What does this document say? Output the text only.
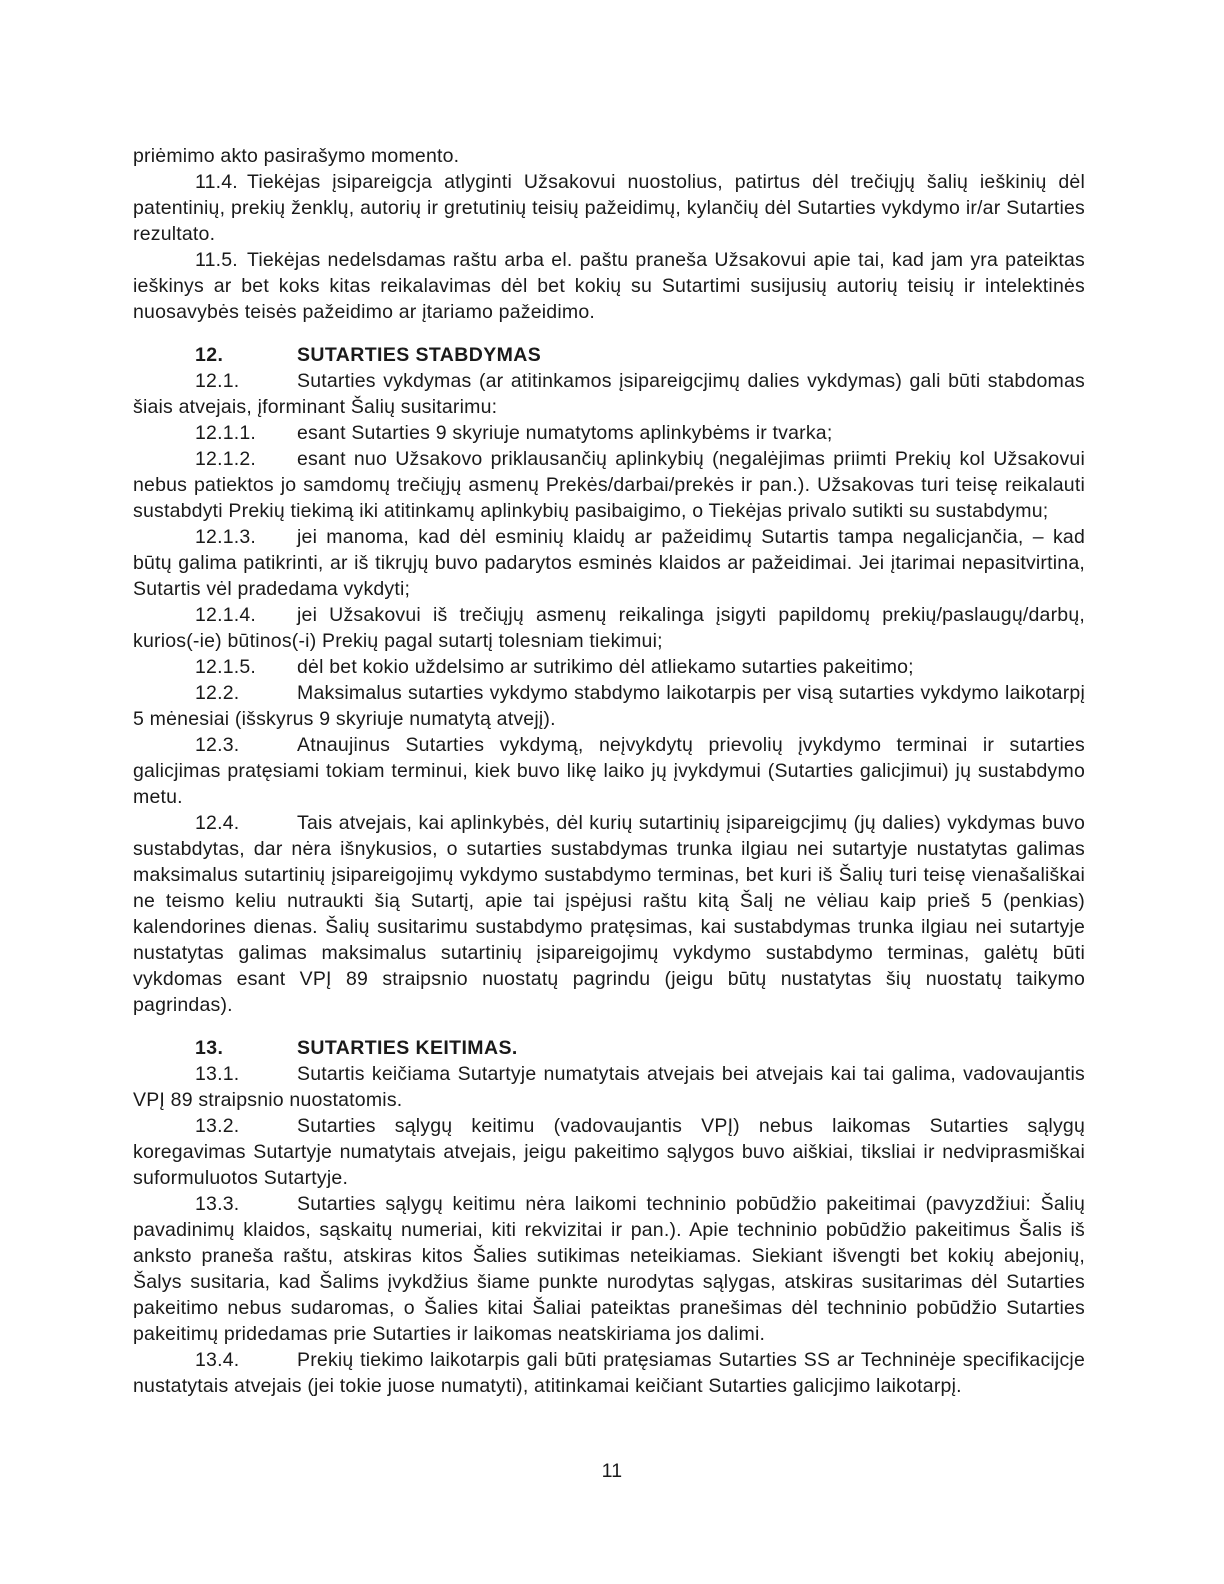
priėmimo akto pasirašymo momento.

11.4. Tiekėjas įsipareigcja atlyginti Užsakovui nuostolius, patirtus dėl trečiųjų šalių ieškinių dėl patentinių, prekių ženklų, autorių ir gretutinių teisių pažeidimų, kylančių dėl Sutarties vykdymo ir/ar Sutarties rezultato.

11.5. Tiekėjas nedelsdamas raštu arba el. paštu praneša Užsakovui apie tai, kad jam yra pateiktas ieškinys ar bet koks kitas reikalavimas dėl bet kokių su Sutartimi susijusių autorių teisių ir intelektinės nuosavybės teisės pažeidimo ar įtariamo pažeidimo.

12.	SUTARTIES STABDYMAS

12.1.	Sutarties vykdymas (ar atitinkamos įsipareigcjimų dalies vykdymas) gali būti stabdomas šiais atvejais, įforminant Šalių susitarimu:

12.1.1. esant Sutarties 9 skyriuje numatytoms aplinkybėms ir tvarka;

12.1.2. esant nuo Užsakovo priklausančių aplinkybių (negalėjimas priimti Prekių kol Užsakovui nebus patiektos jo samdomų trečiųjų asmenų Prekės/darbai/prekės ir pan.). Užsakovas turi teisę reikalauti sustabdyti Prekių tiekimą iki atitinkamų aplinkybių pasibaigimo, o Tiekėjas privalo sutikti su sustabdymu;

12.1.3. jei manoma, kad dėl esminių klaidų ar pažeidimų Sutartis tampa negalicjančia, – kad būtų galima patikrinti, ar iš tikrųjų buvo padarytos esminės klaidos ar pažeidimai. Jei įtarimai nepasitvirtina, Sutartis vėl pradedama vykdyti;

12.1.4. jei Užsakovui iš trečiųjų asmenų reikalinga įsigyti papildomų prekių/paslaugų/darbų, kurios(-ie) būtinos(-i) Prekių pagal sutartį tolesniam tiekimui;

12.1.5. dėl bet kokio uždelsimo ar sutrikimo dėl atliekamo sutarties pakeitimo;

12.2.	Maksimalus sutarties vykdymo stabdymo laikotarpis per visą sutarties vykdymo laikotarpį 5 mėnesiai (išskyrus 9 skyriuje numatytą atvejį).

12.3.	Atnaujinus Sutarties vykdymą, neįvykdytų prievolių įvykdymo terminai ir sutarties galicjimas pratęsiami tokiam terminui, kiek buvo likę laiko jų įvykdymui (Sutarties galicjimui) jų sustabdymo metu.

12.4.	Tais atvejais, kai aplinkybės, dėl kurių sutartinių įsipareigcjimų (jų dalies) vykdymas buvo sustabdytas, dar nėra išnykusios, o sutarties sustabdymas trunka ilgiau nei sutartyje nustatytas galimas maksimalus sutartinių įsipareigojimų vykdymo sustabdymo terminas, bet kuri iš Šalių turi teisę vienašališkai ne teismo keliu nutraukti šią Sutartį, apie tai įspėjusi raštu kitą Šalį ne vėliau kaip prieš 5 (penkias) kalendorines dienas. Šalių susitarimu sustabdymo pratęsimas, kai sustabdymas trunka ilgiau nei sutartyje nustatytas galimas maksimalus sutartinių įsipareigojimų vykdymo sustabdymo terminas, galėtų būti vykdomas esant VPĮ 89 straipsnio nuostatų pagrindu (jeigu būtų nustatytas šių nuostatų taikymo pagrindas).

13.	SUTARTIES KEITIMAS.

13.1.	Sutartis keičiama Sutartyje numatytais atvejais bei atvejais kai tai galima, vadovaujantis VPĮ 89 straipsnio nuostatomis.

13.2.	Sutarties sąlygų keitimu (vadovaujantis VPĮ) nebus laikomas Sutarties sąlygų koregavimas Sutartyje numatytais atvejais, jeigu pakeitimo sąlygos buvo aiškiai, tiksliai ir nedviprasmiškai suformuluotos Sutartyje.

13.3.	Sutarties sąlygų keitimu nėra laikomi techninio pobūdžio pakeitimai (pavyzdžiui: Šalių pavadinimų klaidos, sąskaitų numeriai, kiti rekvizitai ir pan.). Apie techninio pobūdžio pakeitimus Šalis iš anksto praneša raštu, atskiras kitos Šalies sutikimas neteikiamas. Siekiant išvengti bet kokių abejonių, Šalys susitaria, kad Šalims įvykdžius šiame punkte nurodytas sąlygas, atskiras susitarimas dėl Sutarties pakeitimo nebus sudaromas, o Šalies kitai Šaliai pateiktas pranešimas dėl techninio pobūdžio Sutarties pakeitimų pridedamas prie Sutarties ir laikomas neatskiriama jos dalimi.

13.4.	Prekių tiekimo laikotarpis gali būti pratęsiamas Sutarties SS ar Techninėje specifikacijcje nustatytais atvejais (jei tokie juose numatyti), atitinkamai keičiant Sutarties galicjimo laikotarpį.

11
